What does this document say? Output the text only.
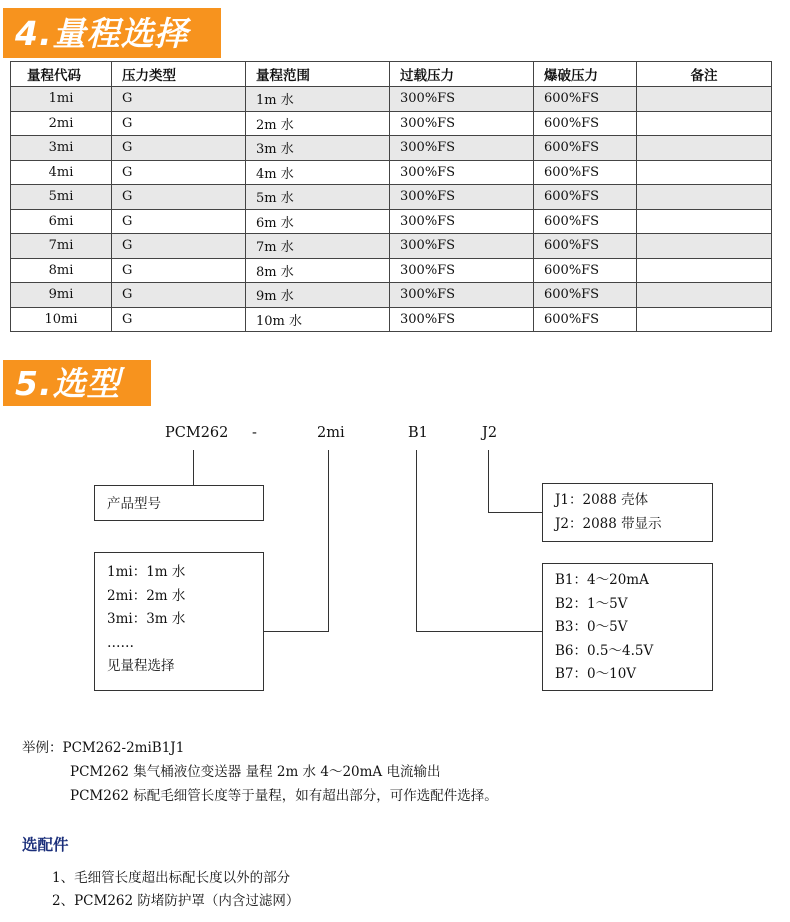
4.量程选择
量程代码	压力类型	量程范围	过载压力	爆破压力	备注
1mi	G	1m 水	300%FS	600%FS	
2mi	G	2m 水	300%FS	600%FS	
3mi	G	3m 水	300%FS	600%FS	
4mi	G	4m 水	300%FS	600%FS	
5mi	G	5m 水	300%FS	600%FS	
6mi	G	6m 水	300%FS	600%FS	
7mi	G	7m 水	300%FS	600%FS	
8mi	G	8m 水	300%FS	600%FS	
9mi	G	9m 水	300%FS	600%FS	
10mi	G	10m 水	300%FS	600%FS	
5.选型
PCM262 -	2mi	B1	J2
产品型号
1mi：1m 水
2mi：2m 水
3mi：3m 水
……
见量程选择
J1：2088 壳体
J2：2088 带显示
B1：4～20mA
B2：1～5V
B3：0～5V
B6：0.5～4.5V
B7：0～10V
举例：PCM262-2miB1J1
PCM262 集气桶液位变送器 量程 2m 水 4～20mA 电流输出
PCM262 标配毛细管长度等于量程，如有超出部分，可作选配件选择。
选配件
1、毛细管长度超出标配长度以外的部分
2、PCM262 防堵防护罩（内含过滤网）
